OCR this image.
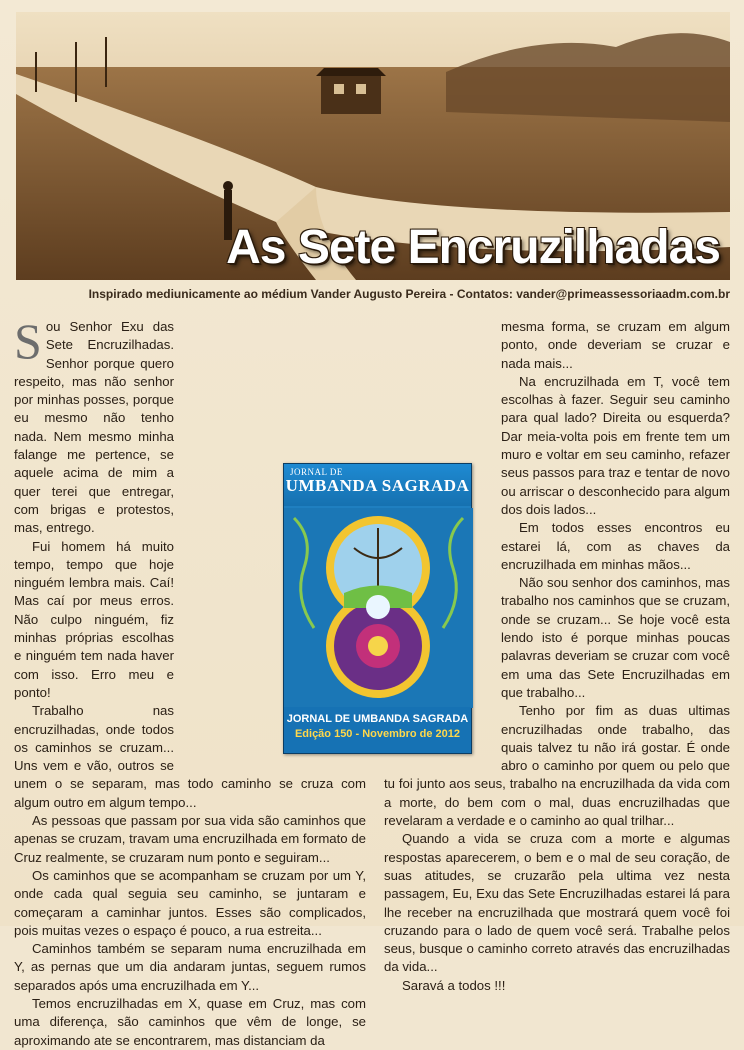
As Sete Encruzilhadas
Inspirado mediunicamente ao médium Vander Augusto Pereira - Contatos: vander@primeassessoriaadm.com.br
S ou Senhor Exu das Sete Encruzilhadas. Senhor porque quero respeito, mas não senhor por minhas posses, porque eu mesmo não tenho nada. Nem mesmo minha falange me pertence, se aquele acima de mim a quer terei que entregar, com brigas e protestos, mas, entrego.

Fui homem há muito tempo, tempo que hoje ninguém lembra mais. Caí! Mas caí por meus erros. Não culpo ninguém, fiz minhas próprias escolhas e ninguém tem nada haver com isso. Erro meu e ponto!

Trabalho nas encruzilhadas, onde todos os caminhos se cruzam... Uns vem e vão, outros se unem o se separam, mas todo caminho se cruza com algum outro em algum tempo...

As pessoas que passam por sua vida são caminhos que apenas se cruzam, travam uma encruzilhada em formato de Cruz realmente, se cruzaram num ponto e seguiram...

Os caminhos que se acompanham se cruzam por um Y, onde cada qual seguia seu caminho, se juntaram e começaram a caminhar juntos. Esses são complicados, pois muitas vezes o espaço é pouco, a rua estreita...

Caminhos também se separam numa encruzilhada em Y, as pernas que um dia andaram juntas, seguem rumos separados após uma encruzilhada em Y...

Temos encruzilhadas em X, quase em Cruz, mas com uma diferença, são caminhos que vêm de longe, se aproximando ate se encontrarem, mas distanciam da

mesma forma, se cruzam em algum ponto, onde deveriam se cruzar e nada mais...

Na encruzilhada em T, você tem escolhas à fazer. Seguir seu caminho para qual lado? Direita ou esquerda? Dar meia-volta pois em frente tem um muro e voltar em seu caminho, refazer seus passos para traz e tentar de novo ou arriscar o desconhecido para algum dos dois lados...

Em todos esses encontros eu estarei lá, com as chaves da encruzilhada em minhas mãos...

Não sou senhor dos caminhos, mas trabalho nos caminhos que se cruzam, onde se cruzam... Se hoje você esta lendo isto é porque minhas poucas palavras deveriam se cruzar com você em uma das Sete Encruzilhadas em que trabalho...

Tenho por fim as duas ultimas encruzilhadas onde trabalho, das quais talvez tu não irá gostar. É onde abro o caminho por quem ou pelo que tu foi junto aos seus, trabalho na encruzilhada da vida com a morte, do bem com o mal, duas encruzilhadas que revelaram a verdade e o caminho ao qual trilhar...

Quando a vida se cruza com a morte e algumas respostas aparecerem, o bem e o mal de seu coração, de suas atitudes, se cruzarão pela ultima vez nesta passagem, Eu, Exu das Sete Encruzilhadas estarei lá para lhe receber na encruzilhada que mostrará quem você foi cruzando para o lado de quem você será. Trabalhe pelos seus, busque o caminho correto através das encruzilhadas da vida...

Saravá a todos !!!

JORNAL DE
UMBANDA SAGRADA
JORNAL DE UMBANDA SAGRADA
Edição 150 - Novembro de 2012
